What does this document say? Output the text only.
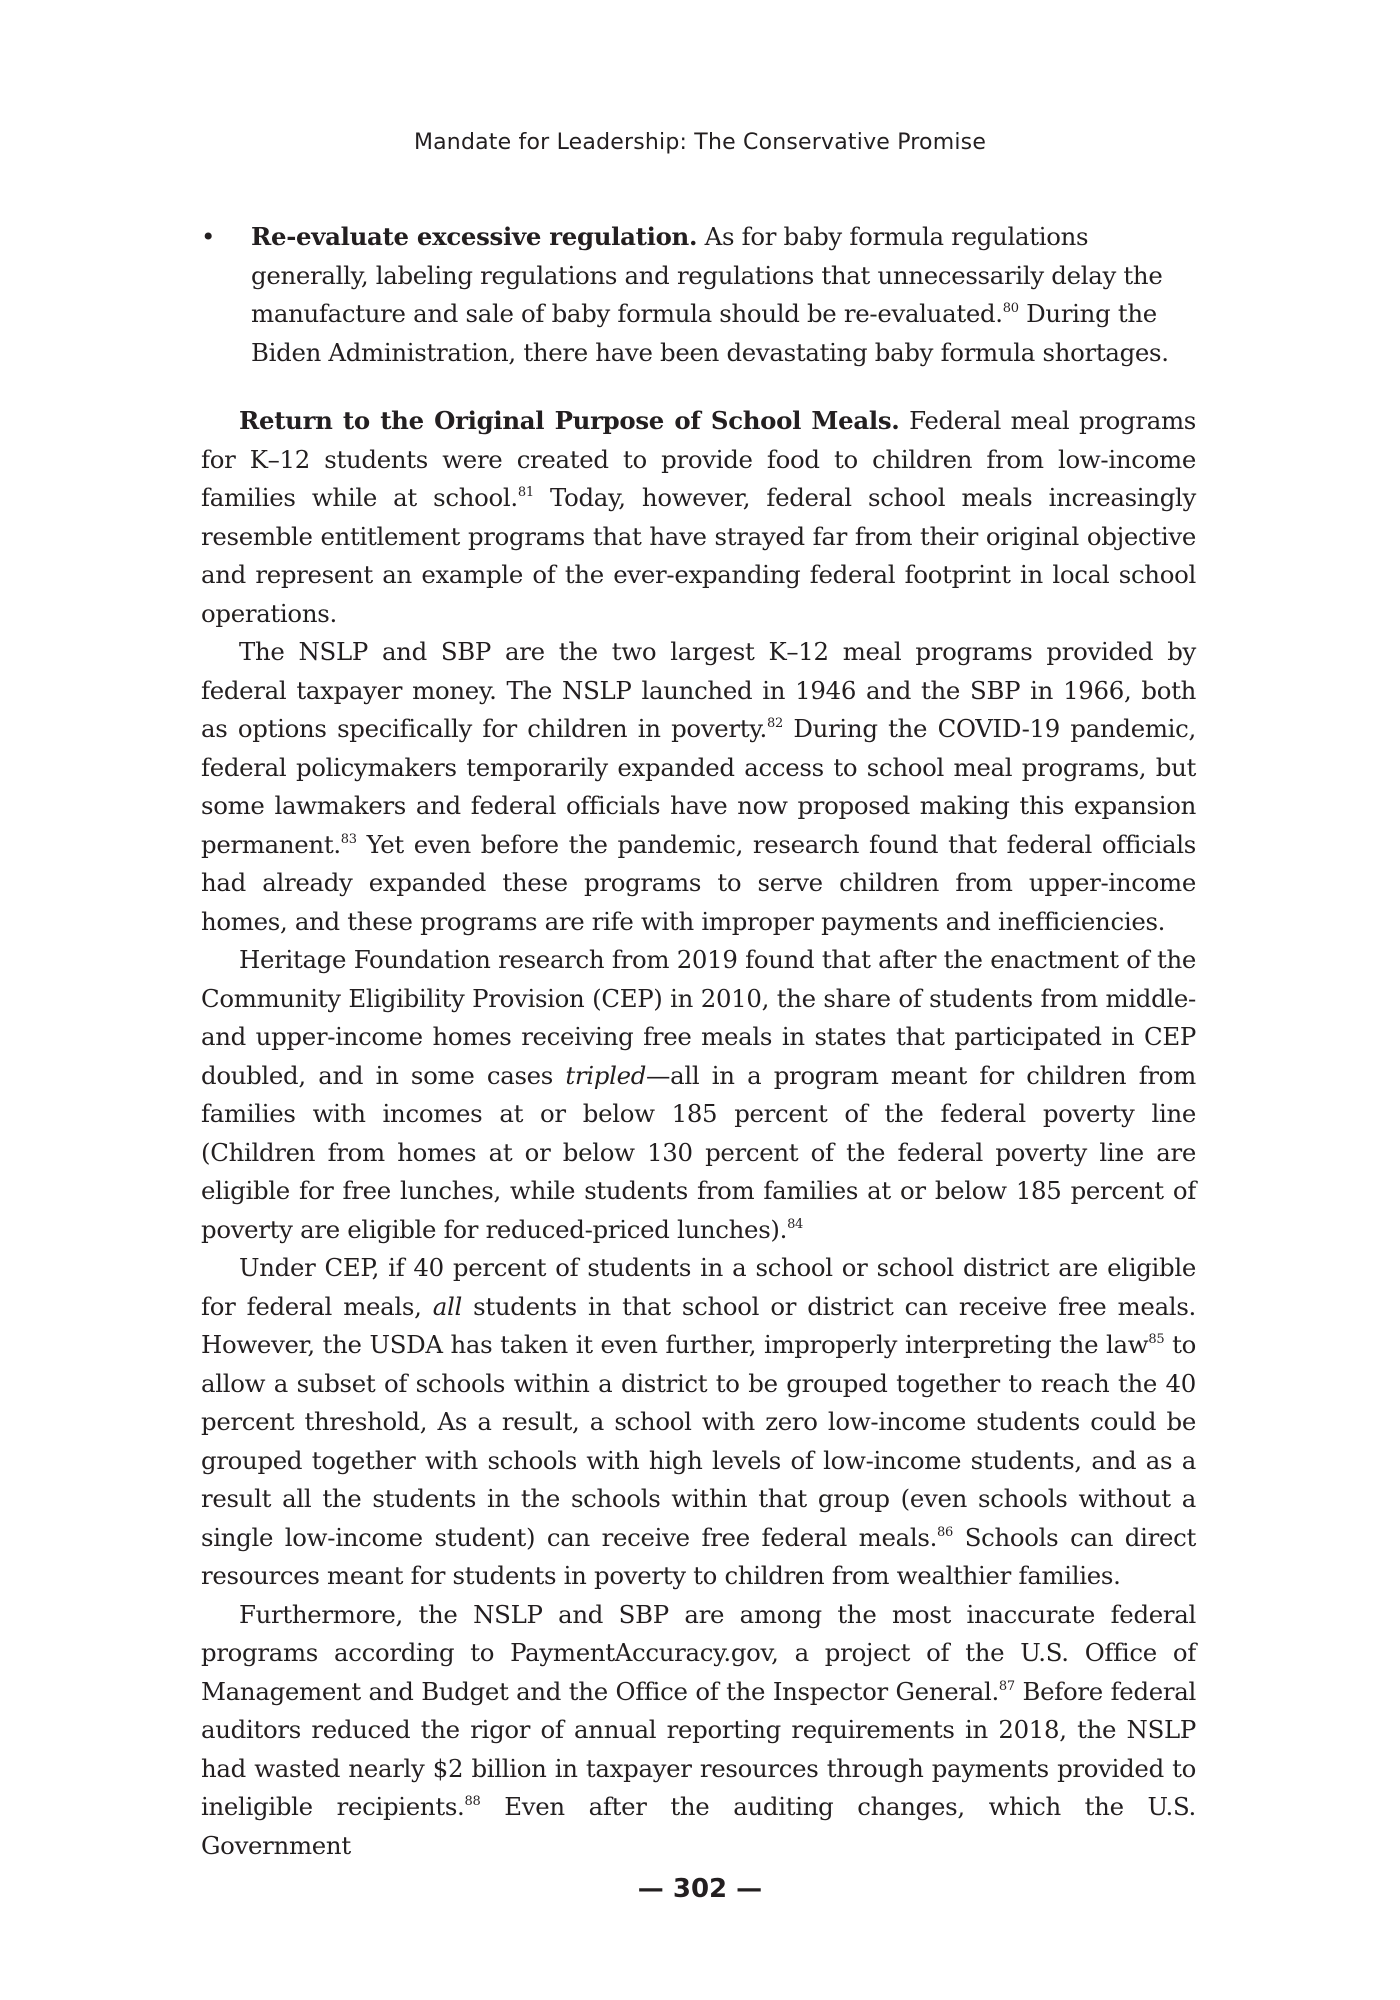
Mandate for Leadership: The Conservative Promise

• Re-evaluate excessive regulation. As for baby formula regulations generally, labeling regulations and regulations that unnecessarily delay the manufacture and sale of baby formula should be re-evaluated.$^{80}$ During the Biden Administration, there have been devastating baby formula shortages.

Return to the Original Purpose of School Meals. Federal meal programs for K–12 students were created to provide food to children from low-income families while at school.$^{81}$ Today, however, federal school meals increasingly resemble entitlement programs that have strayed far from their original objective and represent an example of the ever-expanding federal footprint in local school operations.

The NSLP and SBP are the two largest K–12 meal programs provided by federal taxpayer money. The NSLP launched in 1946 and the SBP in 1966, both as options specifically for children in poverty.$^{82}$ During the COVID-19 pandemic, federal policymakers temporarily expanded access to school meal programs, but some lawmakers and federal officials have now proposed making this expansion permanent.$^{83}$ Yet even before the pandemic, research found that federal officials had already expanded these programs to serve children from upper-income homes, and these programs are rife with improper payments and inefficiencies.

Heritage Foundation research from 2019 found that after the enactment of the Community Eligibility Provision (CEP) in 2010, the share of students from middle- and upper-income homes receiving free meals in states that participated in CEP doubled, and in some cases tripled—all in a program meant for children from families with incomes at or below 185 percent of the federal poverty line (Children from homes at or below 130 percent of the federal poverty line are eligible for free lunches, while students from families at or below 185 percent of poverty are eligible for reduced-priced lunches).$^{84}$

Under CEP, if 40 percent of students in a school or school district are eligible for federal meals, all students in that school or district can receive free meals. However, the USDA has taken it even further, improperly interpreting the law$^{85}$ to allow a subset of schools within a district to be grouped together to reach the 40 percent threshold, As a result, a school with zero low-income students could be grouped together with schools with high levels of low-income students, and as a result all the students in the schools within that group (even schools without a single low-income student) can receive free federal meals.$^{86}$ Schools can direct resources meant for students in poverty to children from wealthier families.

Furthermore, the NSLP and SBP are among the most inaccurate federal programs according to PaymentAccuracy.gov, a project of the U.S. Office of Management and Budget and the Office of the Inspector General.$^{87}$ Before federal auditors reduced the rigor of annual reporting requirements in 2018, the NSLP had wasted nearly $2 billion in taxpayer resources through payments provided to ineligible recipients.$^{88}$ Even after the auditing changes, which the U.S. Government

— 302 —
